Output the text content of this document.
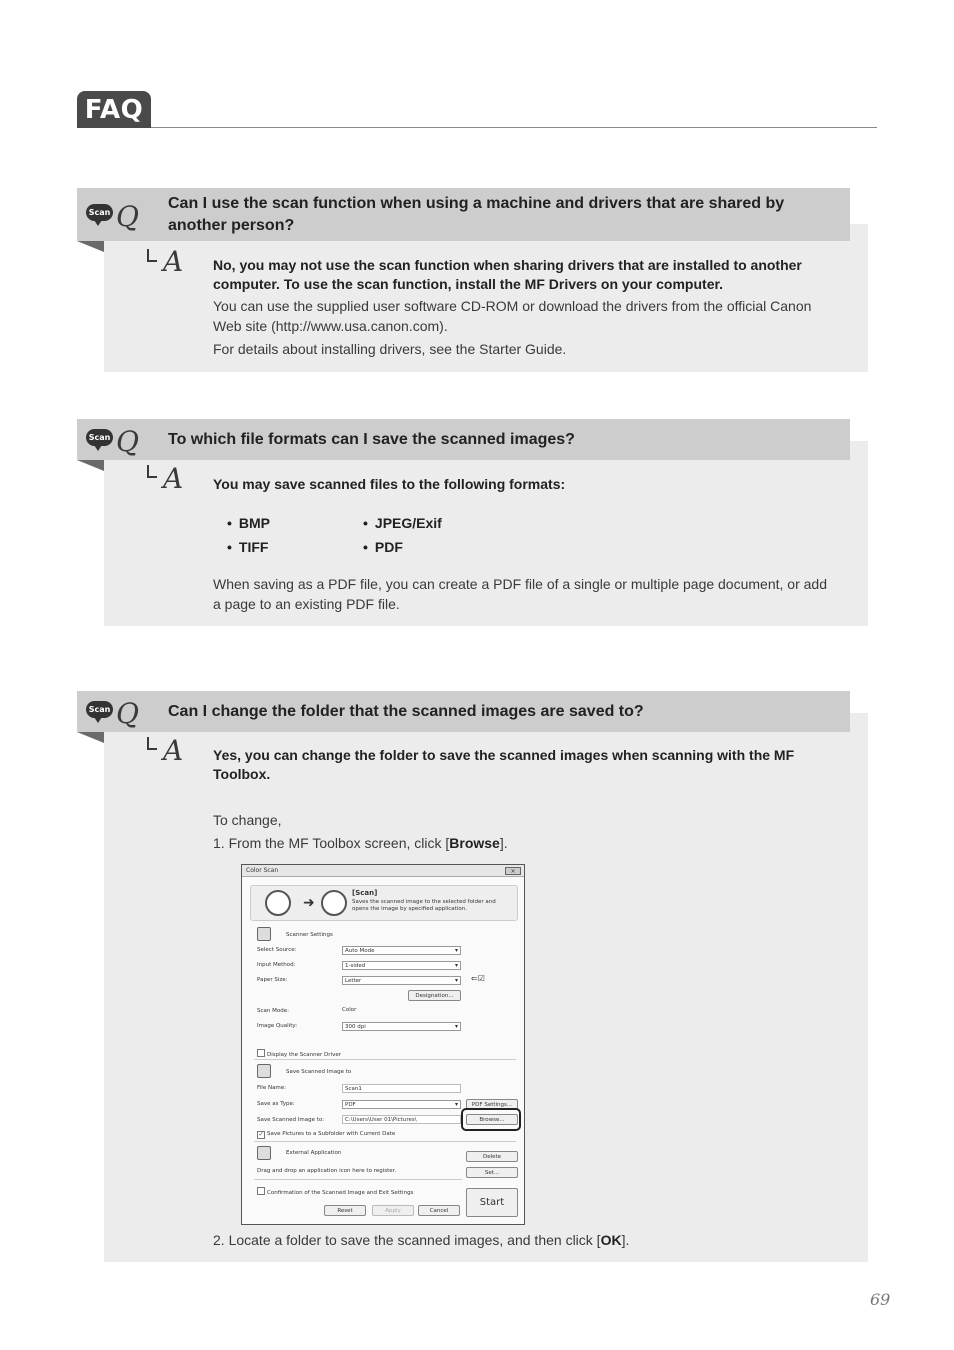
FAQ
Scan Q Can I use the scan function when using a machine and drivers that are shared by another person?
A No, you may not use the scan function when sharing drivers that are installed to another computer. To use the scan function, install the MF Drivers on your computer.
You can use the supplied user software CD-ROM or download the drivers from the official Canon Web site (http://www.usa.canon.com).
For details about installing drivers, see the Starter Guide.
Scan Q To which file formats can I save the scanned images?
A You may save scanned files to the following formats:
• BMP	• JPEG/Exif
• TIFF	• PDF
When saving as a PDF file, you can create a PDF file of a single or multiple page document, or add a page to an existing PDF file.
Scan Q Can I change the folder that the scanned images are saved to?
A Yes, you can change the folder to save the scanned images when scanning with the MF Toolbox.
To change,
1. From the MF Toolbox screen, click [Browse].
2. Locate a folder to save the scanned images, and then click [OK].
Color Scan	×
➜
[Scan]
Saves the scanned image to the selected folder and opens the image by specified application.
Scanner Settings
Select Source:	Auto Mode ▾
Input Method:	1-sided ▾
Paper Size:	Letter ▾	⇐☑
Designation...
Scan Mode:	Color
Image Quality:	300 dpi ▾
Display the Scanner Driver
Save Scanned Image to
File Name:	Scan1
Save as Type:	PDF ▾	PDF Settings...
Save Scanned Image to:	C:\Users\User 01\Pictures\	Browse...
✓ Save Pictures to a Subfolder with Current Date
External Application
Delete
Drag and drop an application icon here to register.	Set...
Confirmation of the Scanned Image and Exit Settings
Reset	Apply	Cancel
Start
69
